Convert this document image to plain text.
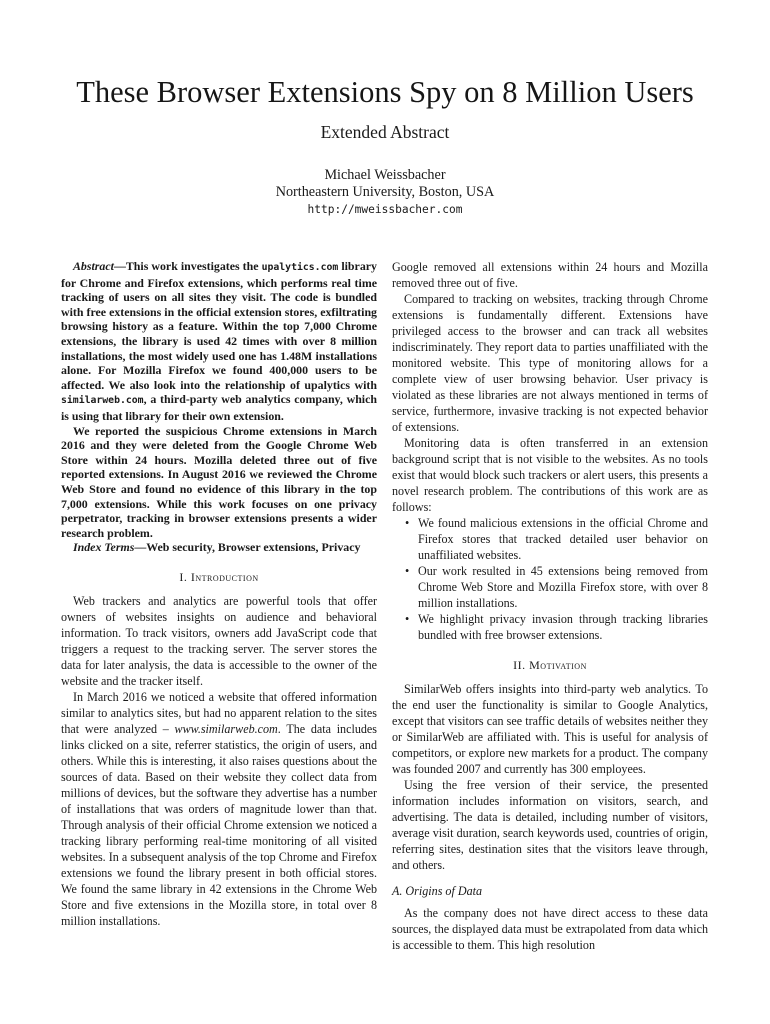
These Browser Extensions Spy on 8 Million Users
Extended Abstract
Michael Weissbacher
Northeastern University, Boston, USA
http://mweissbacher.com

Abstract—This work investigates the upalytics.com library for Chrome and Firefox extensions, which performs real time tracking of users on all sites they visit. The code is bundled with free extensions in the official extension stores, exfiltrating browsing history as a feature. Within the top 7,000 Chrome extensions, the library is used 42 times with over 8 million installations, the most widely used one has 1.48M installations alone. For Mozilla Firefox we found 400,000 users to be affected. We also look into the relationship of upalytics with similarweb.com, a third-party web analytics company, which is using that library for their own extension.

We reported the suspicious Chrome extensions in March 2016 and they were deleted from the Google Chrome Web Store within 24 hours. Mozilla deleted three out of five reported extensions. In August 2016 we reviewed the Chrome Web Store and found no evidence of this library in the top 7,000 extensions. While this work focuses on one privacy perpetrator, tracking in browser extensions presents a wider research problem.

Index Terms—Web security, Browser extensions, Privacy

I. Introduction

Web trackers and analytics are powerful tools that offer owners of websites insights on audience and behavioral information. To track visitors, owners add JavaScript code that triggers a request to the tracking server. The server stores the data for later analysis, the data is accessible to the owner of the website and the tracker itself.

In March 2016 we noticed a website that offered information similar to analytics sites, but had no apparent relation to the sites that were analyzed – www.similarweb.com. The data includes links clicked on a site, referrer statistics, the origin of users, and others. While this is interesting, it also raises questions about the sources of data. Based on their website they collect data from millions of devices, but the software they advertise has a number of installations that was orders of magnitude lower than that. Through analysis of their official Chrome extension we noticed a tracking library performing real-time monitoring of all visited websites. In a subsequent analysis of the top Chrome and Firefox extensions we found the library present in both official stores. We found the same library in 42 extensions in the Chrome Web Store and five extensions in the Mozilla store, in total over 8 million installations.

Google removed all extensions within 24 hours and Mozilla removed three out of five.

Compared to tracking on websites, tracking through Chrome extensions is fundamentally different. Extensions have privileged access to the browser and can track all websites indiscriminately. They report data to parties unaffiliated with the monitored website. This type of monitoring allows for a complete view of user browsing behavior. User privacy is violated as these libraries are not always mentioned in terms of service, furthermore, invasive tracking is not expected behavior of extensions.

Monitoring data is often transferred in an extension background script that is not visible to the websites. As no tools exist that would block such trackers or alert users, this presents a novel research problem. The contributions of this work are as follows:

• We found malicious extensions in the official Chrome and Firefox stores that tracked detailed user behavior on unaffiliated websites.
• Our work resulted in 45 extensions being removed from Chrome Web Store and Mozilla Firefox store, with over 8 million installations.
• We highlight privacy invasion through tracking libraries bundled with free browser extensions.
II. Motivation

SimilarWeb offers insights into third-party web analytics. To the end user the functionality is similar to Google Analytics, except that visitors can see traffic details of websites neither they or SimilarWeb are affiliated with. This is useful for analysis of competitors, or explore new markets for a product. The company was founded 2007 and currently has 300 employees.

Using the free version of their service, the presented information includes information on visitors, search, and advertising. The data is detailed, including number of visitors, average visit duration, search keywords used, countries of origin, referring sites, destination sites that the visitors leave through, and others.

A. Origins of Data

As the company does not have direct access to these data sources, the displayed data must be extrapolated from data which is accessible to them. This high resolution
